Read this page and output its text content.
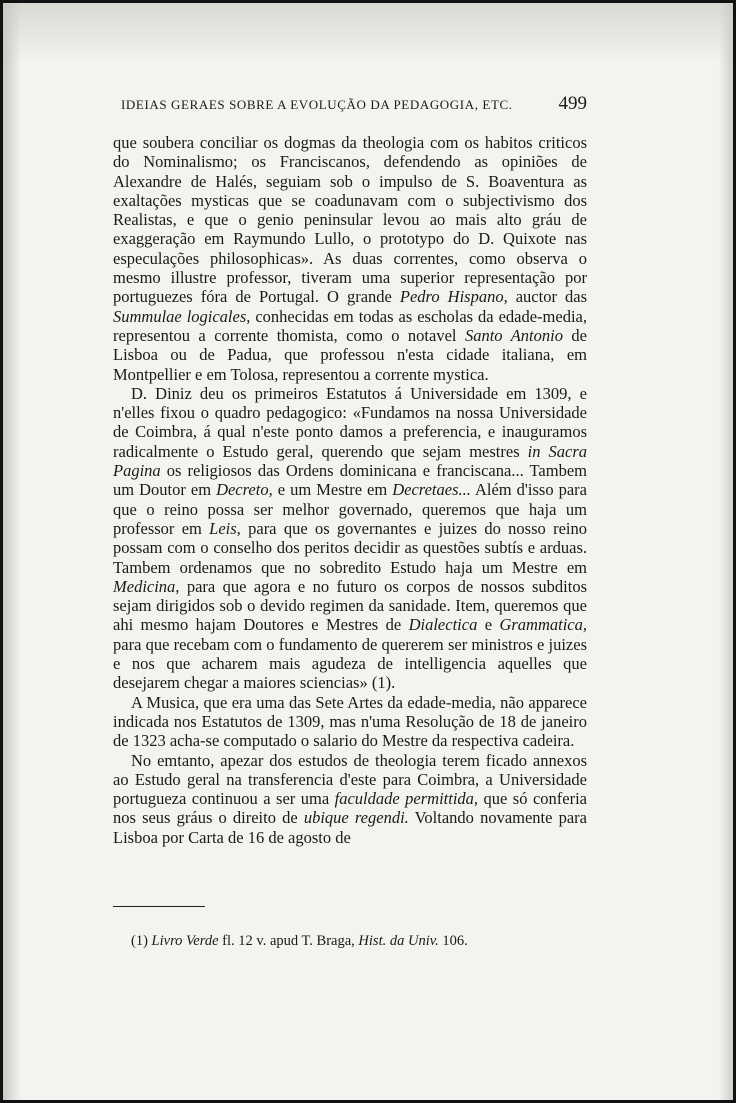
IDEIAS GERAES SOBRE A EVOLUÇÃO DA PEDAGOGIA, ETC. 499

que soubera conciliar os dogmas da theologia com os habitos criticos do Nominalismo; os Franciscanos, defendendo as opiniões de Alexandre de Halés, seguiam sob o impulso de S. Boaventura as exaltações mysticas que se coadunavam com o subjectivismo dos Realistas, e que o genio peninsular levou ao mais alto gráu de exaggeração em Raymundo Lullo, o prototypo do D. Quixote nas especulações philosophicas». As duas correntes, como observa o mesmo illustre professor, tiveram uma superior representação por portuguezes fóra de Portugal. O grande Pedro Hispano, auctor das Summulae logicales, conhecidas em todas as escholas da edade-media, representou a corrente thomista, como o notavel Santo Antonio de Lisboa ou de Padua, que professou n'esta cidade italiana, em Montpellier e em Tolosa, representou a corrente mystica.

D. Diniz deu os primeiros Estatutos á Universidade em 1309, e n'elles fixou o quadro pedagogico: «Fundamos na nossa Universidade de Coimbra, á qual n'este ponto damos a preferencia, e inauguramos radicalmente o Estudo geral, querendo que sejam mestres in Sacra Pagina os religiosos das Ordens dominicana e franciscana... Tambem um Doutor em Decreto, e um Mestre em Decretaes... Além d'isso para que o reino possa ser melhor governado, queremos que haja um professor em Leis, para que os governantes e juizes do nosso reino possam com o conselho dos peritos decidir as questões subtís e arduas. Tambem ordenamos que no sobredito Estudo haja um Mestre em Medicina, para que agora e no futuro os corpos de nossos subditos sejam dirigidos sob o devido regimen da sanidade. Item, queremos que ahi mesmo hajam Doutores e Mestres de Dialectica e Grammatica, para que recebam com o fundamento de quererem ser ministros e juizes e nos que acharem mais agudeza de intelligencia aquelles que desejarem chegar a maiores sciencias» (1).

A Musica, que era uma das Sete Artes da edade-media, não apparece indicada nos Estatutos de 1309, mas n'uma Resolução de 18 de janeiro de 1323 acha-se computado o salario do Mestre da respectiva cadeira.

No emtanto, apezar dos estudos de theologia terem ficado annexos ao Estudo geral na transferencia d'este para Coimbra, a Universidade portugueza continuou a ser uma faculdade permittida, que só conferia nos seus gráus o direito de ubique regendi. Voltando novamente para Lisboa por Carta de 16 de agosto de

(1) Livro Verde fl. 12 v. apud T. Braga, Hist. da Univ. 106.
